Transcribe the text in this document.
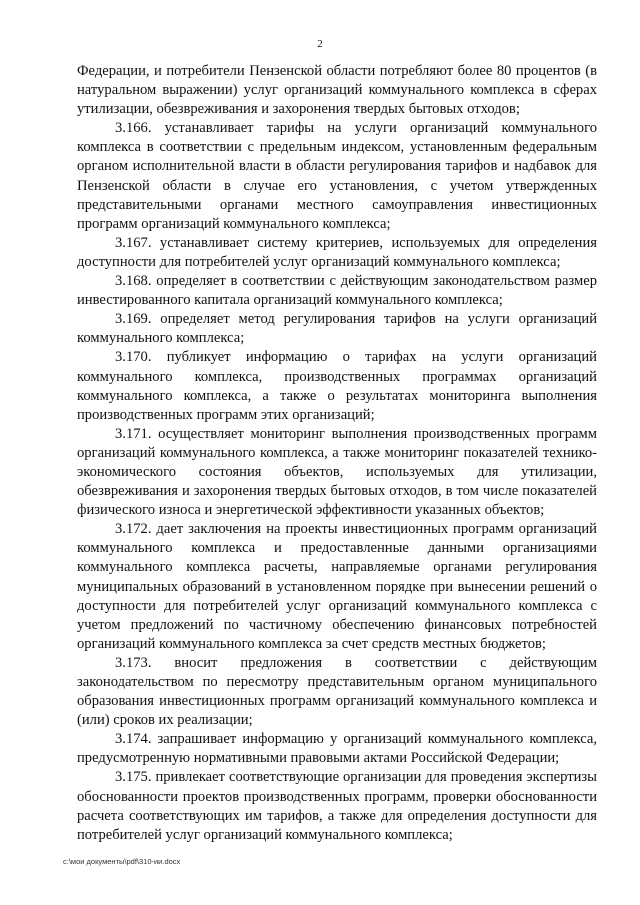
2

Федерации, и потребители Пензенской области потребляют более 80 процентов (в натуральном выражении) услуг организаций коммунального комплекса в сферах утилизации, обезвреживания и захоронения твердых бытовых отходов;

3.166. устанавливает тарифы на услуги организаций коммунального комплекса в соответствии с предельным индексом, установленным федеральным органом исполнительной власти в области регулирования тарифов и надбавок для Пензенской области в случае его установления, с учетом утвержденных представительными органами местного самоуправления инвестиционных программ организаций коммунального комплекса;

3.167. устанавливает систему критериев, используемых для определения доступности для потребителей услуг организаций коммунального комплекса;

3.168. определяет в соответствии с действующим законодательством размер инвестированного капитала организаций коммунального комплекса;

3.169. определяет метод регулирования тарифов на услуги организаций коммунального комплекса;

3.170. публикует информацию о тарифах на услуги организаций коммунального комплекса, производственных программах организаций коммунального комплекса, а также о результатах мониторинга выполнения производственных программ этих организаций;

3.171. осуществляет мониторинг выполнения производственных программ организаций коммунального комплекса, а также мониторинг показателей технико-экономического состояния объектов, используемых для утилизации, обезвреживания и захоронения твердых бытовых отходов, в том числе показателей физического износа и энергетической эффективности указанных объектов;

3.172. дает заключения на проекты инвестиционных программ организаций коммунального комплекса и предоставленные данными организациями коммунального комплекса расчеты, направляемые органами регулирования муниципальных образований в установленном порядке при вынесении решений о доступности для потребителей услуг организаций коммунального комплекса с учетом предложений по частичному обеспечению финансовых потребностей организаций коммунального комплекса за счет средств местных бюджетов;

3.173. вносит предложения в соответствии с действующим законодательством по пересмотру представительным органом муниципального образования инвестиционных программ организаций коммунального комплекса и (или) сроков их реализации;

3.174. запрашивает информацию у организаций коммунального комплекса, предусмотренную нормативными правовыми актами Российской Федерации;

3.175. привлекает соответствующие организации для проведения экспертизы обоснованности проектов производственных программ, проверки обоснованности расчета соответствующих им тарифов, а также для определения доступности для потребителей услуг организаций коммунального комплекса;

c:\мои документы\pdf\310-ии.docx
